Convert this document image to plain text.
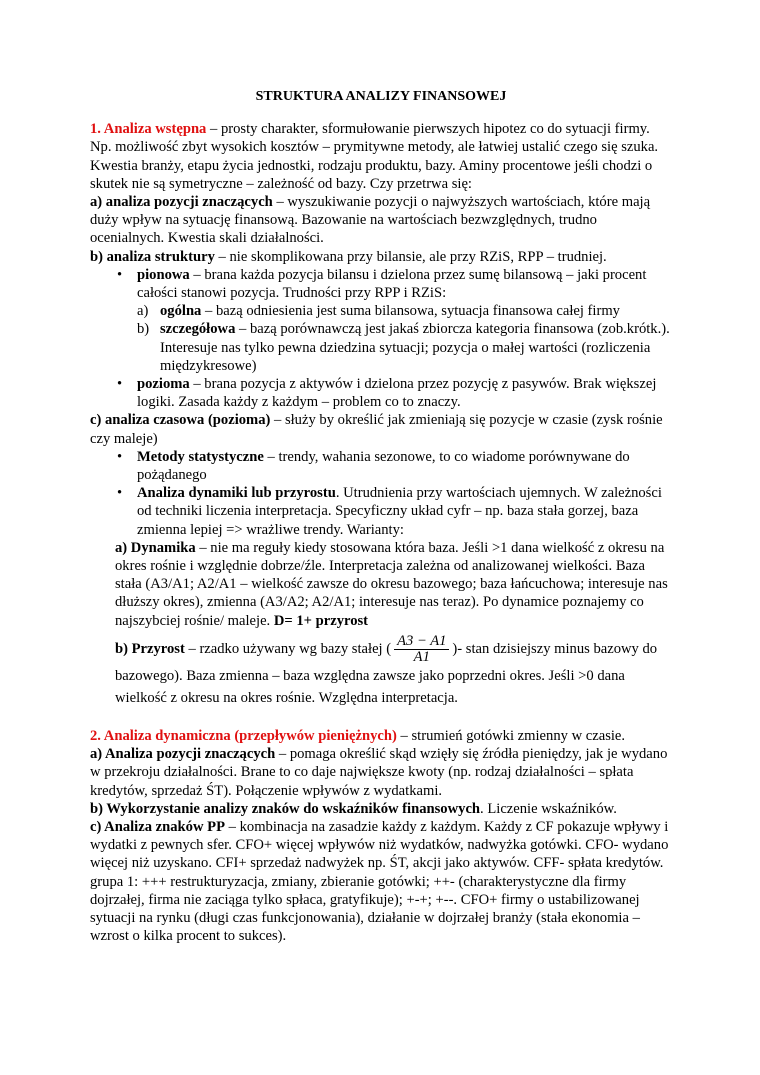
STRUKTURA ANALIZY FINANSOWEJ

1. Analiza wstępna – prosty charakter, sformułowanie pierwszych hipotez co do sytuacji firmy. Np. możliwość zbyt wysokich kosztów – prymitywne metody, ale łatwiej ustalić czego się szuka. Kwestia branży, etapu życia jednostki, rodzaju produktu, bazy. Aminy procentowe jeśli chodzi o skutek nie są symetryczne – zależność od bazy. Czy przetrwa się:

a) analiza pozycji znaczących – wyszukiwanie pozycji o najwyższych wartościach, które mają duży wpływ na sytuację finansową. Bazowanie na wartościach bezwzględnych, trudno ocenialnych. Kwestia skali działalności.

b) analiza struktury – nie skomplikowana przy bilansie, ale przy RZiS, RPP – trudniej.

• pionowa – brana każda pozycja bilansu i dzielona przez sumę bilansową – jaki procent całości stanowi pozycja. Trudności przy RPP i RZiS:

a) ogólna – bazą odniesienia jest suma bilansowa, sytuacja finansowa całej firmy

b) szczegółowa – bazą porównawczą jest jakaś zbiorcza kategoria finansowa (zob.krótk.). Interesuje nas tylko pewna dziedzina sytuacji; pozycja o małej wartości (rozliczenia międzykresowe)

• pozioma – brana pozycja z aktywów i dzielona przez pozycję z pasywów. Brak większej logiki. Zasada każdy z każdym – problem co to znaczy.

c) analiza czasowa (pozioma) – służy by określić jak zmieniają się pozycje w czasie (zysk rośnie czy maleje)

• Metody statystyczne – trendy, wahania sezonowe, to co wiadome porównywane do pożądanego

• Analiza dynamiki lub przyrostu. Utrudnienia przy wartościach ujemnych. W zależności od techniki liczenia interpretacja. Specyficzny układ cyfr – np. baza stała gorzej, baza zmienna lepiej => wrażliwe trendy. Warianty:

a) Dynamika – nie ma reguły kiedy stosowana która baza. Jeśli >1 dana wielkość z okresu na okres rośnie i względnie dobrze/źle. Interpretacja zależna od analizowanej wielkości. Baza stała (A3/A1; A2/A1 – wielkość zawsze do okresu bazowego; baza łańcuchowa; interesuje nas dłuższy okres), zmienna (A3/A2; A2/A1; interesuje nas teraz). Po dynamice poznajemy co najszybciej rośnie/ maleje. D= 1+ przyrost

b) Przyrost – rzadko używany wg bazy stałej ( $\frac{A3 - A1}{A1}$ )- stan dzisiejszy minus bazowy do bazowego). Baza zmienna – baza względna zawsze jako poprzedni okres. Jeśli >0 dana wielkość z okresu na okres rośnie. Względna interpretacja.

2. Analiza dynamiczna (przepływów pieniężnych) – strumień gotówki zmienny w czasie.

a) Analiza pozycji znaczących – pomaga określić skąd wzięły się źródła pieniędzy, jak je wydano w przekroju działalności. Brane to co daje największe kwoty (np. rodzaj działalności – spłata kredytów, sprzedaż ŚT). Połączenie wpływów z wydatkami.

b) Wykorzystanie analizy znaków do wskaźników finansowych. Liczenie wskaźników.

c) Analiza znaków PP – kombinacja na zasadzie każdy z każdym. Każdy z CF pokazuje wpływy i wydatki z pewnych sfer. CFO+ więcej wpływów niż wydatków, nadwyżka gotówki. CFO- wydano więcej niż uzyskano. CFI+ sprzedaż nadwyżek np. ŚT, akcji jako aktywów. CFF- spłata kredytów.

grupa 1: +++ restrukturyzacja, zmiany, zbieranie gotówki; ++- (charakterystyczne dla firmy dojrzałej, firma nie zaciąga tylko spłaca, gratyfikuje); +-+; +--. CFO+ firmy o ustabilizowanej sytuacji na rynku (długi czas funkcjonowania), działanie w dojrzałej branży (stała ekonomia – wzrost o kilka procent to sukces).
